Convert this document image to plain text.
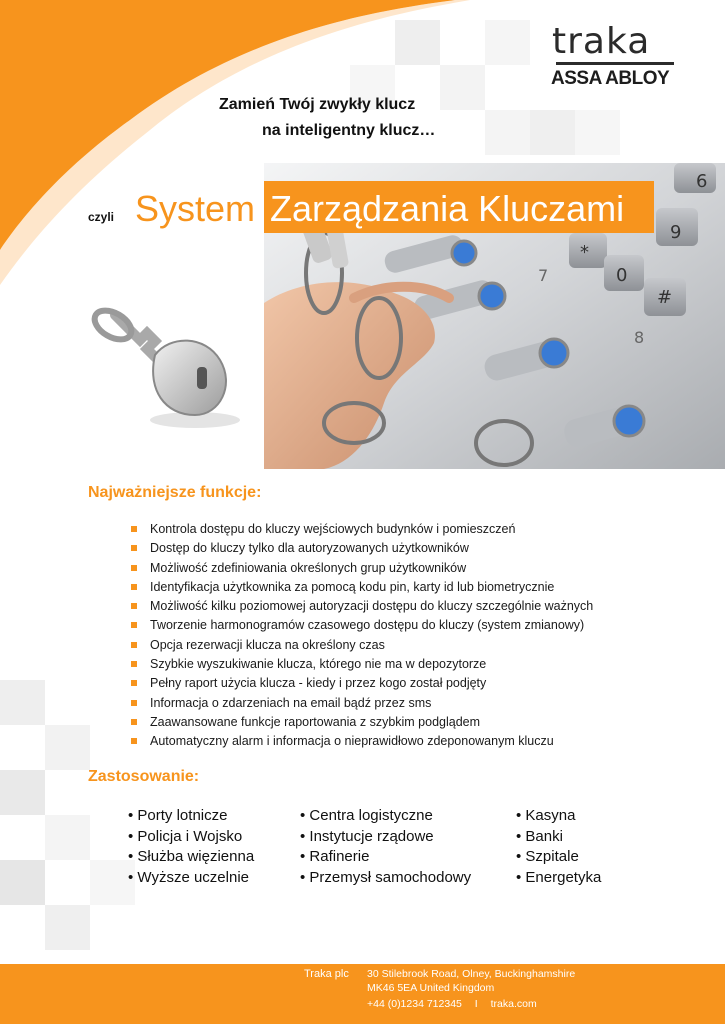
traka
ASSA ABLOY
Zamień Twój zwykły klucz
na inteligentny klucz…
6
9
*
0
#
7
8
czyli System Zarządzania Kluczami
Najważniejsze funkcje:
Kontrola dostępu do kluczy wejściowych budynków i pomieszczeń
Dostęp do kluczy tylko dla autoryzowanych użytkowników
Możliwość zdefiniowania określonych grup użytkowników
Identyfikacja użytkownika za pomocą kodu pin, karty id lub biometrycznie
Możliwość kilku poziomowej autoryzacji dostępu do kluczy szczególnie ważnych
Tworzenie harmonogramów czasowego dostępu do kluczy (system zmianowy)
Opcja rezerwacji klucza na określony czas
Szybkie wyszukiwanie klucza, którego nie ma w depozytorze
Pełny raport użycia klucza - kiedy i przez kogo został podjęty
Informacja o zdarzeniach na email bądź przez sms
Zaawansowane funkcje raportowania z szybkim podglądem
Automatyczny alarm i informacja o nieprawidłowo zdeponowanym kluczu
Zastosowanie:
• Porty lotnicze
• Policja i Wojsko
• Służba więzienna
• Wyższe uczelnie
• Centra logistyczne
• Instytucje rządowe
• Rafinerie
• Przemysł samochodowy
• Kasyna
• Banki
• Szpitale
• Energetyka
Traka plc 30 Stilebrook Road, Olney, Buckinghamshire
MK46 5EA United Kingdom
+44 (0)1234 712345 I traka.com
